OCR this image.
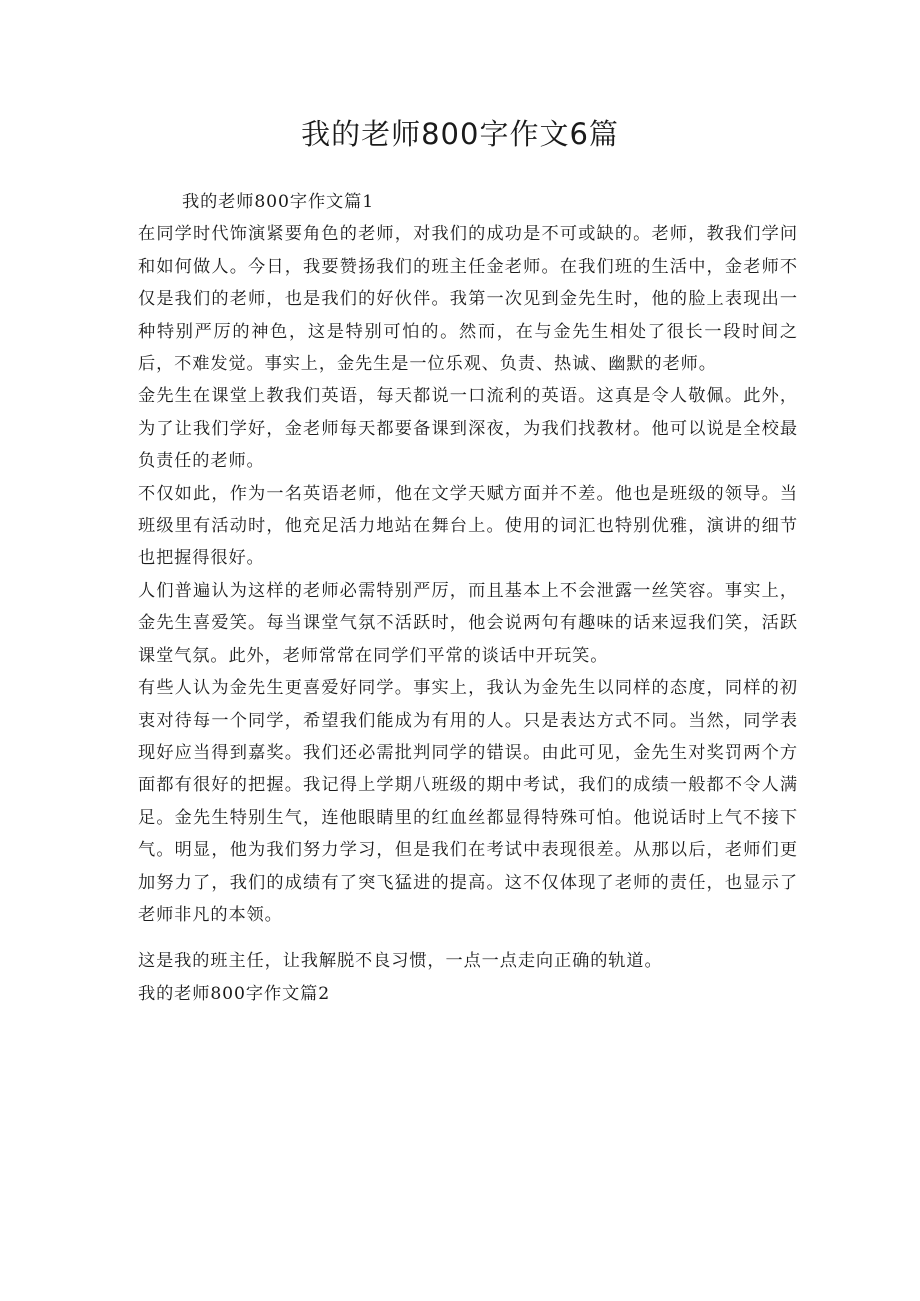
我的老师800字作文6篇

我的老师800字作文篇1

在同学时代饰演紧要角色的老师，对我们的成功是不可或缺的。老师，教我们学问和如何做人。今日，我要赞扬我们的班主任金老师。在我们班的生活中，金老师不仅是我们的老师，也是我们的好伙伴。我第一次见到金先生时，他的脸上表现出一种特别严厉的神色，这是特别可怕的。然而，在与金先生相处了很长一段时间之后，不难发觉。事实上，金先生是一位乐观、负责、热诚、幽默的老师。

金先生在课堂上教我们英语，每天都说一口流利的英语。这真是令人敬佩。此外，为了让我们学好，金老师每天都要备课到深夜，为我们找教材。他可以说是全校最负责任的老师。

不仅如此，作为一名英语老师，他在文学天赋方面并不差。他也是班级的领导。当班级里有活动时，他充足活力地站在舞台上。使用的词汇也特别优雅，演讲的细节也把握得很好。

人们普遍认为这样的老师必需特别严厉，而且基本上不会泄露一丝笑容。事实上，金先生喜爱笑。每当课堂气氛不活跃时，他会说两句有趣味的话来逗我们笑，活跃课堂气氛。此外，老师常常在同学们平常的谈话中开玩笑。

有些人认为金先生更喜爱好同学。事实上，我认为金先生以同样的态度，同样的初衷对待每一个同学，希望我们能成为有用的人。只是表达方式不同。当然，同学表现好应当得到嘉奖。我们还必需批判同学的错误。由此可见，金先生对奖罚两个方面都有很好的把握。我记得上学期八班级的期中考试，我们的成绩一般都不令人满足。金先生特别生气，连他眼睛里的红血丝都显得特殊可怕。他说话时上气不接下气。明显，他为我们努力学习，但是我们在考试中表现很差。从那以后，老师们更加努力了，我们的成绩有了突飞猛进的提高。这不仅体现了老师的责任，也显示了老师非凡的本领。

这是我的班主任，让我解脱不良习惯，一点一点走向正确的轨道。

我的老师800字作文篇2
